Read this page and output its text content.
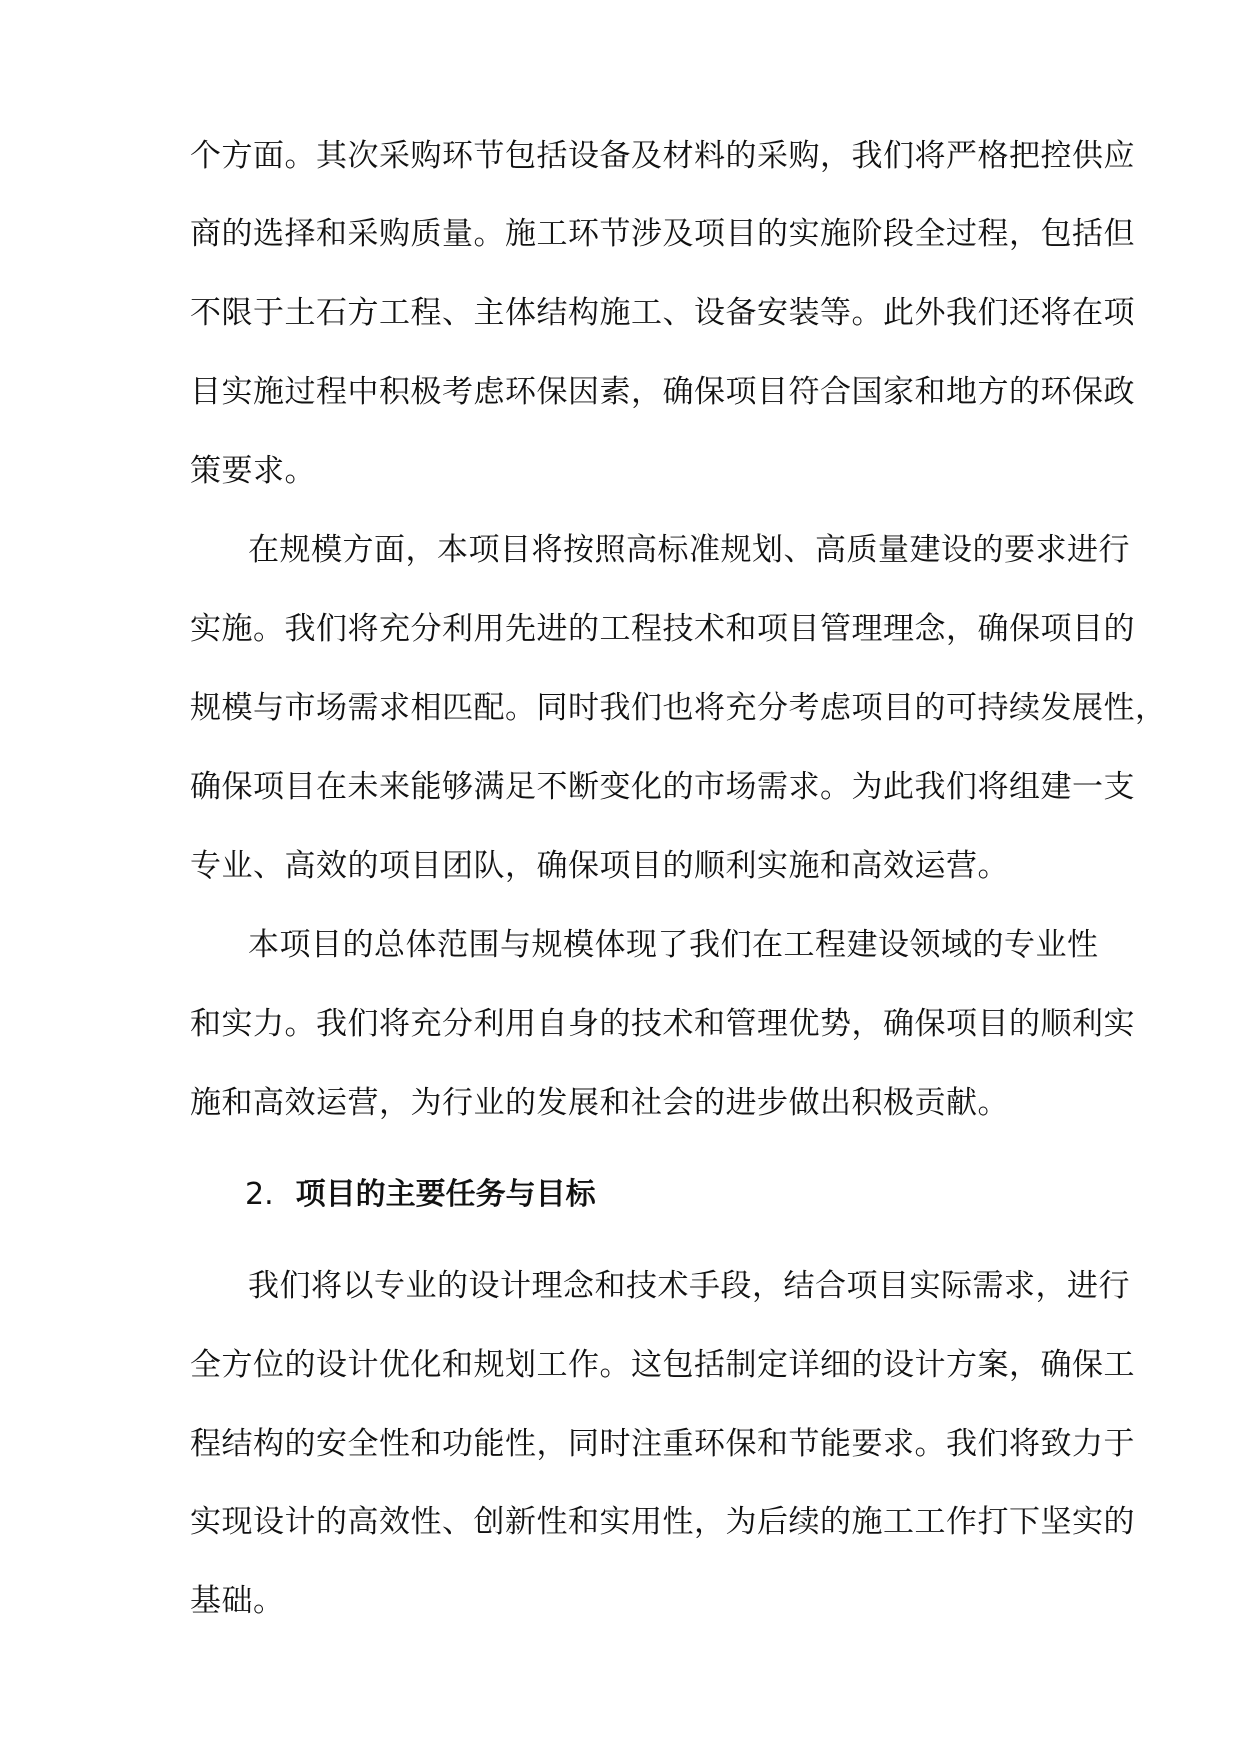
个方面。其次采购环节包括设备及材料的采购，我们将严格把控供应
商的选择和采购质量。施工环节涉及项目的实施阶段全过程，包括但
不限于土石方工程、主体结构施工、设备安装等。此外我们还将在项
目实施过程中积极考虑环保因素，确保项目符合国家和地方的环保政
策要求。
在规模方面，本项目将按照高标准规划、高质量建设的要求进行
实施。我们将充分利用先进的工程技术和项目管理理念，确保项目的
规模与市场需求相匹配。同时我们也将充分考虑项目的可持续发展性，
确保项目在未来能够满足不断变化的市场需求。为此我们将组建一支
专业、高效的项目团队，确保项目的顺利实施和高效运营。
本项目的总体范围与规模体现了我们在工程建设领域的专业性
和实力。我们将充分利用自身的技术和管理优势，确保项目的顺利实
施和高效运营，为行业的发展和社会的进步做出积极贡献。
2. 项目的主要任务与目标
我们将以专业的设计理念和技术手段，结合项目实际需求，进行
全方位的设计优化和规划工作。这包括制定详细的设计方案，确保工
程结构的安全性和功能性，同时注重环保和节能要求。我们将致力于
实现设计的高效性、创新性和实用性，为后续的施工工作打下坚实的
基础。
